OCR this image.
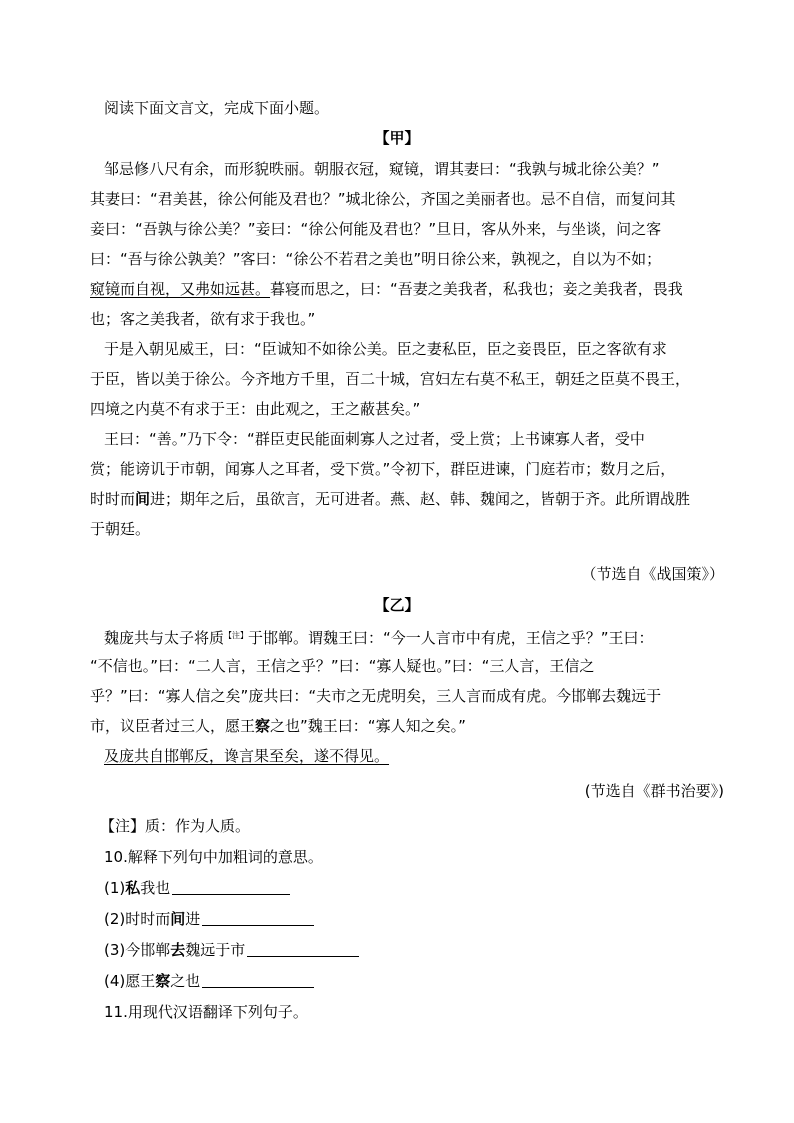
阅读下面文言文，完成下面小题。
【甲】
邹忌修八尺有余，而形貌昳丽。朝服衣冠，窥镜，谓其妻曰：“我孰与城北徐公美？”
其妻曰：“君美甚，徐公何能及君也？”城北徐公，齐国之美丽者也。忌不自信，而复问其
妾曰：“吾孰与徐公美？”妾曰：“徐公何能及君也？”旦日，客从外来，与坐谈，问之客
曰：“吾与徐公孰美？”客曰：“徐公不若君之美也”明日徐公来，孰视之，自以为不如；
窥镜而自视，又弗如远甚。暮寝而思之，曰：“吾妻之美我者，私我也；妾之美我者，畏我
也；客之美我者，欲有求于我也。”
于是入朝见威王，曰：“臣诚知不如徐公美。臣之妻私臣，臣之妾畏臣，臣之客欲有求
于臣，皆以美于徐公。今齐地方千里，百二十城，宫妇左右莫不私王，朝廷之臣莫不畏王，
四境之内莫不有求于王：由此观之，王之蔽甚矣。”
王曰：“善。”乃下令：“群臣吏民能面刺寡人之过者，受上赏；上书谏寡人者，受中
赏；能谤讥于市朝，闻寡人之耳者，受下赏。”令初下，群臣进谏，门庭若市；数月之后，
时时而间进；期年之后，虽欲言，无可进者。燕、赵、韩、魏闻之，皆朝于齐。此所谓战胜
于朝廷。
（节选自《战国策》）
【乙】
魏庞共与太子将质$^{【注】}$于邯郸。谓魏王曰：“今一人言市中有虎，王信之乎？”王曰：
“不信也。”曰：“二人言，王信之乎？”曰：“寡人疑也。”曰：“三人言，王信之
乎？”曰：“寡人信之矣”庞共曰：“夫市之无虎明矣，三人言而成有虎。今邯郸去魏远于
市，议臣者过三人，愿王察之也”魏王曰：“寡人知之矣。”
及庞共自邯郸反，谗言果至矣，遂不得见。
(节选自《群书治要》)
【注】质：作为人质。
10.解释下列句中加粗词的意思。
(1)私我也
(2)时时而间进
(3)今邯郸去魏远于市
(4)愿王察之也
11.用现代汉语翻译下列句子。
